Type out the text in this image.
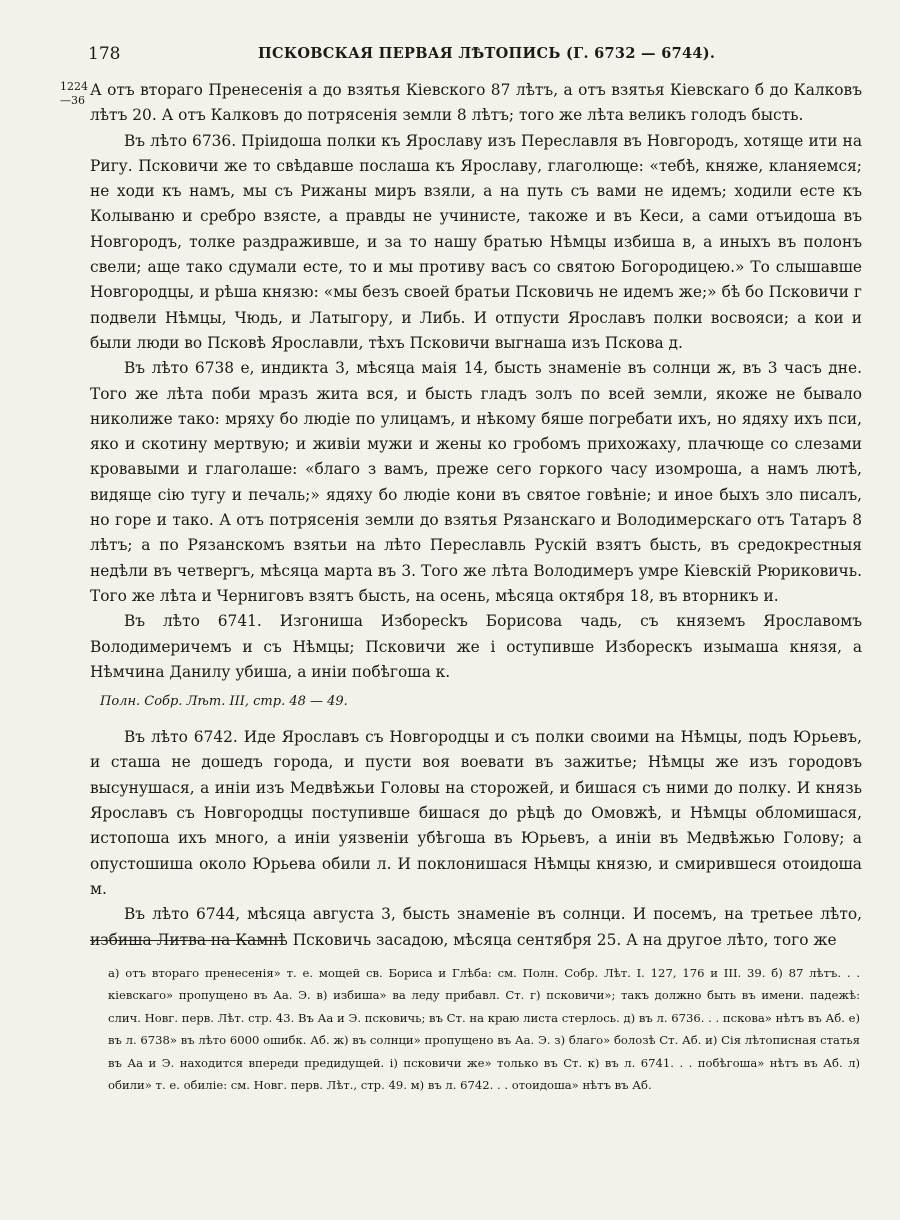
178	ПСКОВСКАЯ ПЕРВАЯ ЛѢТОПИСЬ (Г. 6732 — 6744).
1224 —36

А отъ втораго Пренесенія а до взятья Кіевского 87 лѣтъ, а отъ взятья Кіевскаго б до Калковъ лѣтъ 20. А отъ Калковъ до потрясенія земли 8 лѣтъ; того же лѣта великъ голодъ бысть.

Въ лѣто 6736. Пріидоша полки къ Ярославу изъ Переславля въ Новгородъ, хотяще ити на Ригу. Псковичи же то свѣдавше послаша къ Ярославу, глаголюще: «тебѣ, княже, кланяемся; не ходи къ намъ, мы съ Рижаны миръ взяли, а на путь съ вами не идемъ; ходили есте къ Колываню и сребро взясте, а правды не учинисте, такоже и въ Кеси, а сами отъидоша въ Новгородъ, толке раздраживше, и за то нашу братью Нѣмцы избиша в, а иныхъ въ полонъ свели; аще тако сдумали есте, то и мы противу васъ со святою Богородицею.» То слышавше Новгородцы, и рѣша князю: «мы безъ своей братьи Псковичь не идемъ же;» бѣ бо Псковичи г подвели Нѣмцы, Чюдь, и Латыгору, и Либь. И отпусти Ярославъ полки восвояси; а кои и были люди во Псковѣ Ярославли, тѣхъ Псковичи выгнаша изъ Пскова д.

Въ лѣто 6738 е, индикта 3, мѣсяца маія 14, бысть знаменіе въ солнци ж, въ 3 часъ дне. Того же лѣта поби мразъ жита вся, и бысть гладъ золъ по всей земли, якоже не бывало николиже тако: мряху бо людіе по улицамъ, и нѣкому бяше погребати ихъ, но ядяху ихъ пси, яко и скотину мертвую; и живіи мужи и жены ко гробомъ прихожаху, плачюще со слезами кровавыми и глаголаше: «благо з вамъ, преже сего горкого часу изомроша, а намъ лютѣ, видяще сію тугу и печаль;» ядяху бо людіе кони въ святое говѣніе; и иное быхъ зло писалъ, но горе и тако. А отъ потрясенія земли до взятья Рязанскаго и Володимерскаго отъ Татаръ 8 лѣтъ; а по Рязанскомъ взятьи на лѣто Переславль Рускій взятъ бысть, въ средокрестныя недѣли въ четвергъ, мѣсяца марта въ 3. Того же лѣта Володимеръ умре Кіевскій Рюриковичь. Того же лѣта и Черниговъ взятъ бысть, на осень, мѣсяца октября 18, въ вторникъ и.

Въ лѣто 6741. Изгониша Избореckъ Борисова чадь, съ княземъ Ярославомъ Володимеричемъ и съ Нѣмцы; Псковичи же і оступивше Изборескъ изымаша князя, а Нѣмчина Данилу убиша, а иніи побѣгоша к.

Полн. Собр. Лѣт. III, стр. 48 — 49.

Въ лѣто 6742. Иде Ярославъ съ Новгородцы и съ полки своими на Нѣмцы, подъ Юрьевъ, и сташа не дошедъ города, и пусти воя воевати въ зажитье; Нѣмцы же изъ городовъ высунушася, а иніи изъ Медвѣжьи Головы на сторожей, и бишася съ ними до полку. И князь Ярославъ съ Новгородцы поступивше бишася до рѣцѣ до Омовжѣ, и Нѣмцы обломишася, истопоша ихъ много, а иніи уязвеніи убѣгоша въ Юрьевъ, а иніи въ Медвѣжью Голову; а опустошиша около Юрьева обили л. И поклонишася Нѣмцы князю, и смирившеся отоидоша м.

Въ лѣто 6744, мѣсяца августа 3, бысть знаменіе въ солнци. И посемъ, на третьее лѣто, избиша Литва на Камнѣ Псковичь засадою, мѣсяца сентября 25. А на другое лѣто, того же

а) отъ втораго пренесенія» т. е. мощей св. Бориса и Глѣба: см. Полн. Собр. Лѣт. I. 127, 176 и III. 39. б) 87 лѣтъ. . . кіевскаго» пропущено въ Аа. Э. в) избиша» ва леду прибавл. Ст. г) псковичи»; такъ должно быть въ имени. падежѣ: слич. Новг. перв. Лѣт. стр. 43. Въ Аа и Э. псковичь; въ Ст. на краю листа стерлось. д) въ л. 6736. . . пскова» нѣтъ въ Аб. е) въ л. 6738» въ лѣто 6000 ошибк. Аб. ж) въ солнци» пропущено въ Аа. Э. з) благо» болозѣ Ст. Аб. и) Сія лѣтописная статья въ Аа и Э. находится впереди предидущей. і) псковичи же» только въ Ст. к) въ л. 6741. . . побѣгоша» нѣтъ въ Аб. л) обили» т. е. обиліе: см. Новг. перв. Лѣт., стр. 49. м) въ л. 6742. . . отоидоша» нѣтъ въ Аб.
